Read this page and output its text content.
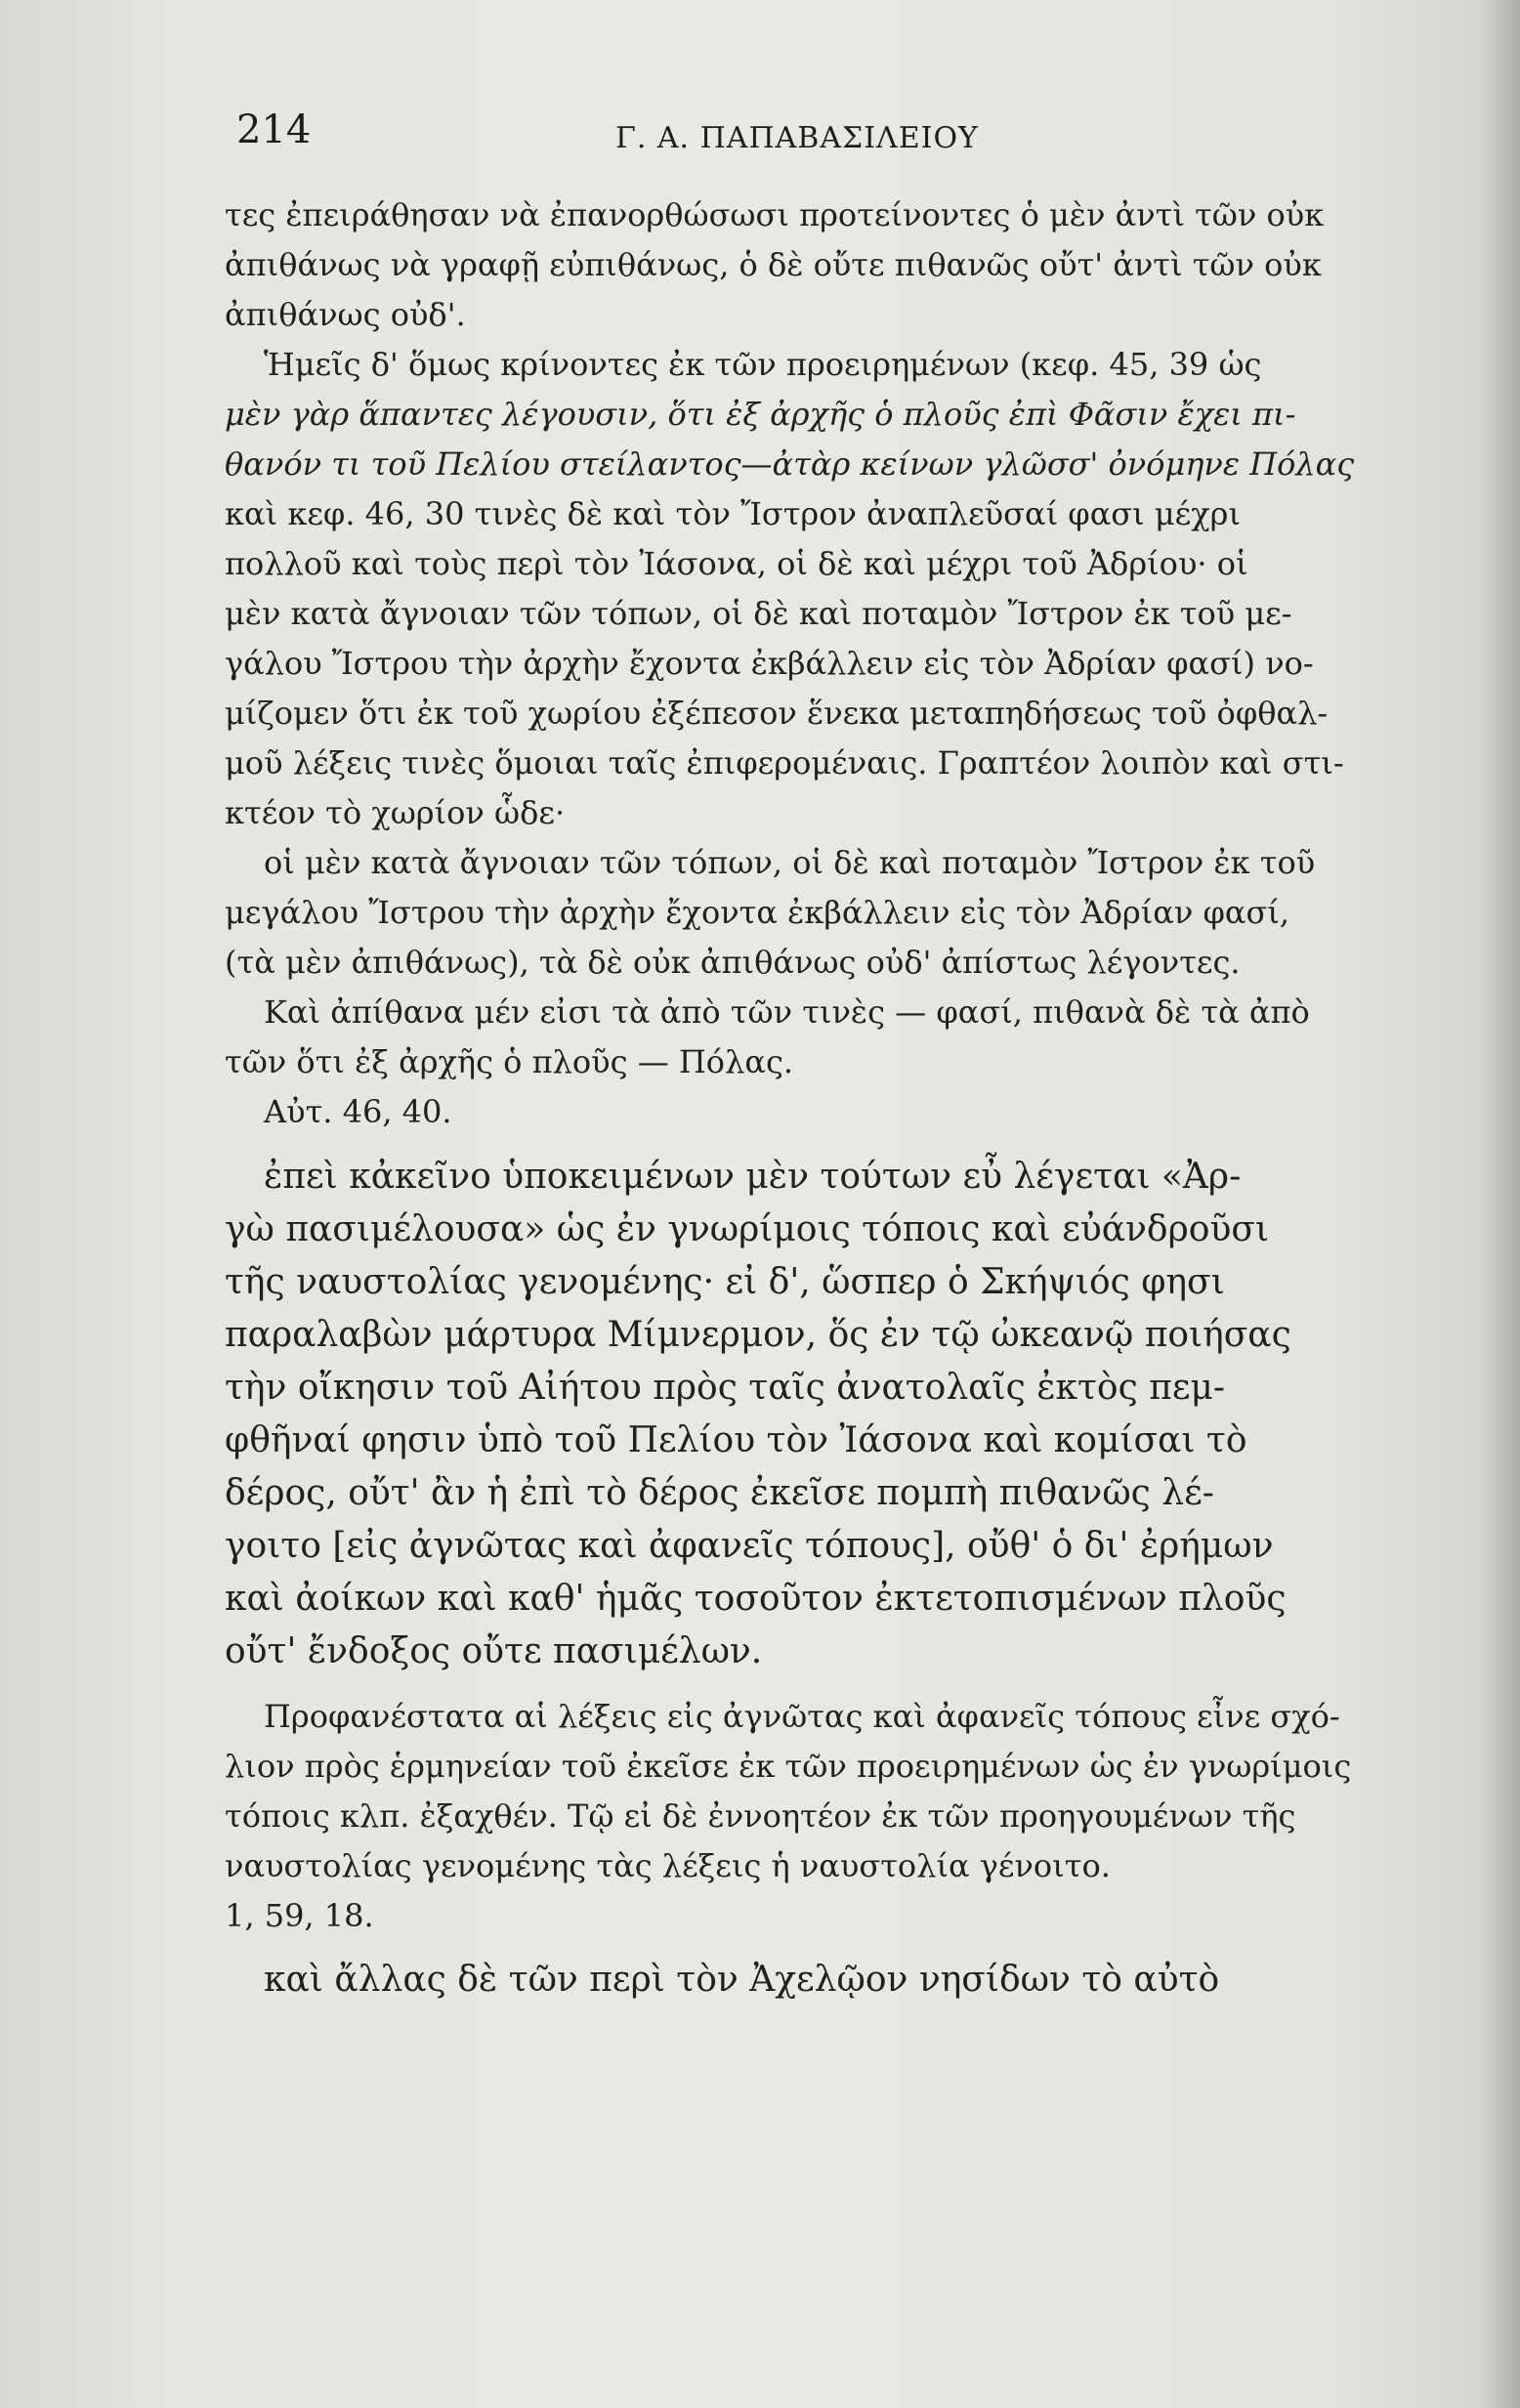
214	Γ. Α. ΠΑΠΑΒΑΣΙΛΕΙΟΥ
τες ἐπειράθησαν νὰ ἐπανορθώσωσι προτείνοντες ὁ μὲν ἀντὶ τῶν οὐκ
ἀπιθάνως νὰ γραφῇ εὐπιθάνως, ὁ δὲ οὔτε πιθανῶς οὔτ' ἀντὶ τῶν οὐκ
ἀπιθάνως οὐδ'.
Ἡμεῖς δ' ὅμως κρίνοντες ἐκ τῶν προειρημένων (κεφ. 45, 39 ὡς
μὲν γὰρ ἅπαντες λέγουσιν, ὅτι ἐξ ἀρχῆς ὁ πλοῦς ἐπὶ Φᾶσιν ἔχει πι-
θανόν τι τοῦ Πελίου στείλαντος—ἀτὰρ κείνων γλῶσσ' ὀνόμηνε Πόλας
καὶ κεφ. 46, 30 τινὲς δὲ καὶ τὸν Ἴστρον ἀναπλεῦσαί φασι μέχρι
πολλοῦ καὶ τοὺς περὶ τὸν Ἰάσονα, οἱ δὲ καὶ μέχρι τοῦ Ἀδρίου· οἱ
μὲν κατὰ ἄγνοιαν τῶν τόπων, οἱ δὲ καὶ ποταμὸν Ἴστρον ἐκ τοῦ με-
γάλου Ἴστρου τὴν ἀρχὴν ἔχοντα ἐκβάλλειν εἰς τὸν Ἀδρίαν φασί) νο-
μίζομεν ὅτι ἐκ τοῦ χωρίου ἐξέπεσον ἕνεκα μεταπηδήσεως τοῦ ὀφθαλ-
μοῦ λέξεις τινὲς ὅμοιαι ταῖς ἐπιφερομέναις. Γραπτέον λοιπὸν καὶ στι-
κτέον τὸ χωρίον ὧδε·
οἱ μὲν κατὰ ἄγνοιαν τῶν τόπων, οἱ δὲ καὶ ποταμὸν Ἴστρον ἐκ τοῦ
μεγάλου Ἴστρου τὴν ἀρχὴν ἔχοντα ἐκβάλλειν εἰς τὸν Ἀδρίαν φασί,
(τὰ μὲν ἀπιθάνως), τὰ δὲ οὐκ ἀπιθάνως οὐδ' ἀπίστως λέγοντες.
Καὶ ἀπίθανα μέν εἰσι τὰ ἀπὸ τῶν τινὲς — φασί, πιθανὰ δὲ τὰ ἀπὸ
τῶν ὅτι ἐξ ἀρχῆς ὁ πλοῦς — Πόλας.
Αὐτ. 46, 40.
ἐπεὶ κἀκεῖνο ὑποκειμένων μὲν τούτων εὖ λέγεται «Ἀρ-
γὼ πασιμέλουσα» ὡς ἐν γνωρίμοις τόποις καὶ εὐάνδροῦσι
τῆς ναυστολίας γενομένης· εἰ δ', ὥσπερ ὁ Σκήψιός φησι
παραλαβὼν μάρτυρα Μίμνερμον, ὅς ἐν τῷ ὠκεανῷ ποιήσας
τὴν οἴκησιν τοῦ Αἰήτου πρὸς ταῖς ἀνατολαῖς ἐκτὸς πεμ-
φθῆναί φησιν ὑπὸ τοῦ Πελίου τὸν Ἰάσονα καὶ κομίσαι τὸ
δέρος, οὔτ' ἂν ἡ ἐπὶ τὸ δέρος ἐκεῖσε πομπὴ πιθανῶς λέ-
γοιτο [εἰς ἀγνῶτας καὶ ἀφανεῖς τόπους], οὔθ' ὁ δι' ἐρήμων
καὶ ἀοίκων καὶ καθ' ἡμᾶς τοσοῦτον ἐκτετοπισμένων πλοῦς
οὔτ' ἔνδοξος οὔτε πασιμέλων.
Προφανέστατα αἱ λέξεις εἰς ἀγνῶτας καὶ ἀφανεῖς τόπους εἶνε σχό-
λιον πρὸς ἑρμηνείαν τοῦ ἐκεῖσε ἐκ τῶν προειρημένων ὡς ἐν γνωρίμοις
τόποις κλπ. ἐξαχθέν. Τῷ εἰ δὲ ἐννοητέον ἐκ τῶν προηγουμένων τῆς
ναυστολίας γενομένης τὰς λέξεις ἡ ναυστολία γένοιτο.
1, 59, 18.
καὶ ἄλλας δὲ τῶν περὶ τὸν Ἀχελῷον νησίδων τὸ αὐτὸ
